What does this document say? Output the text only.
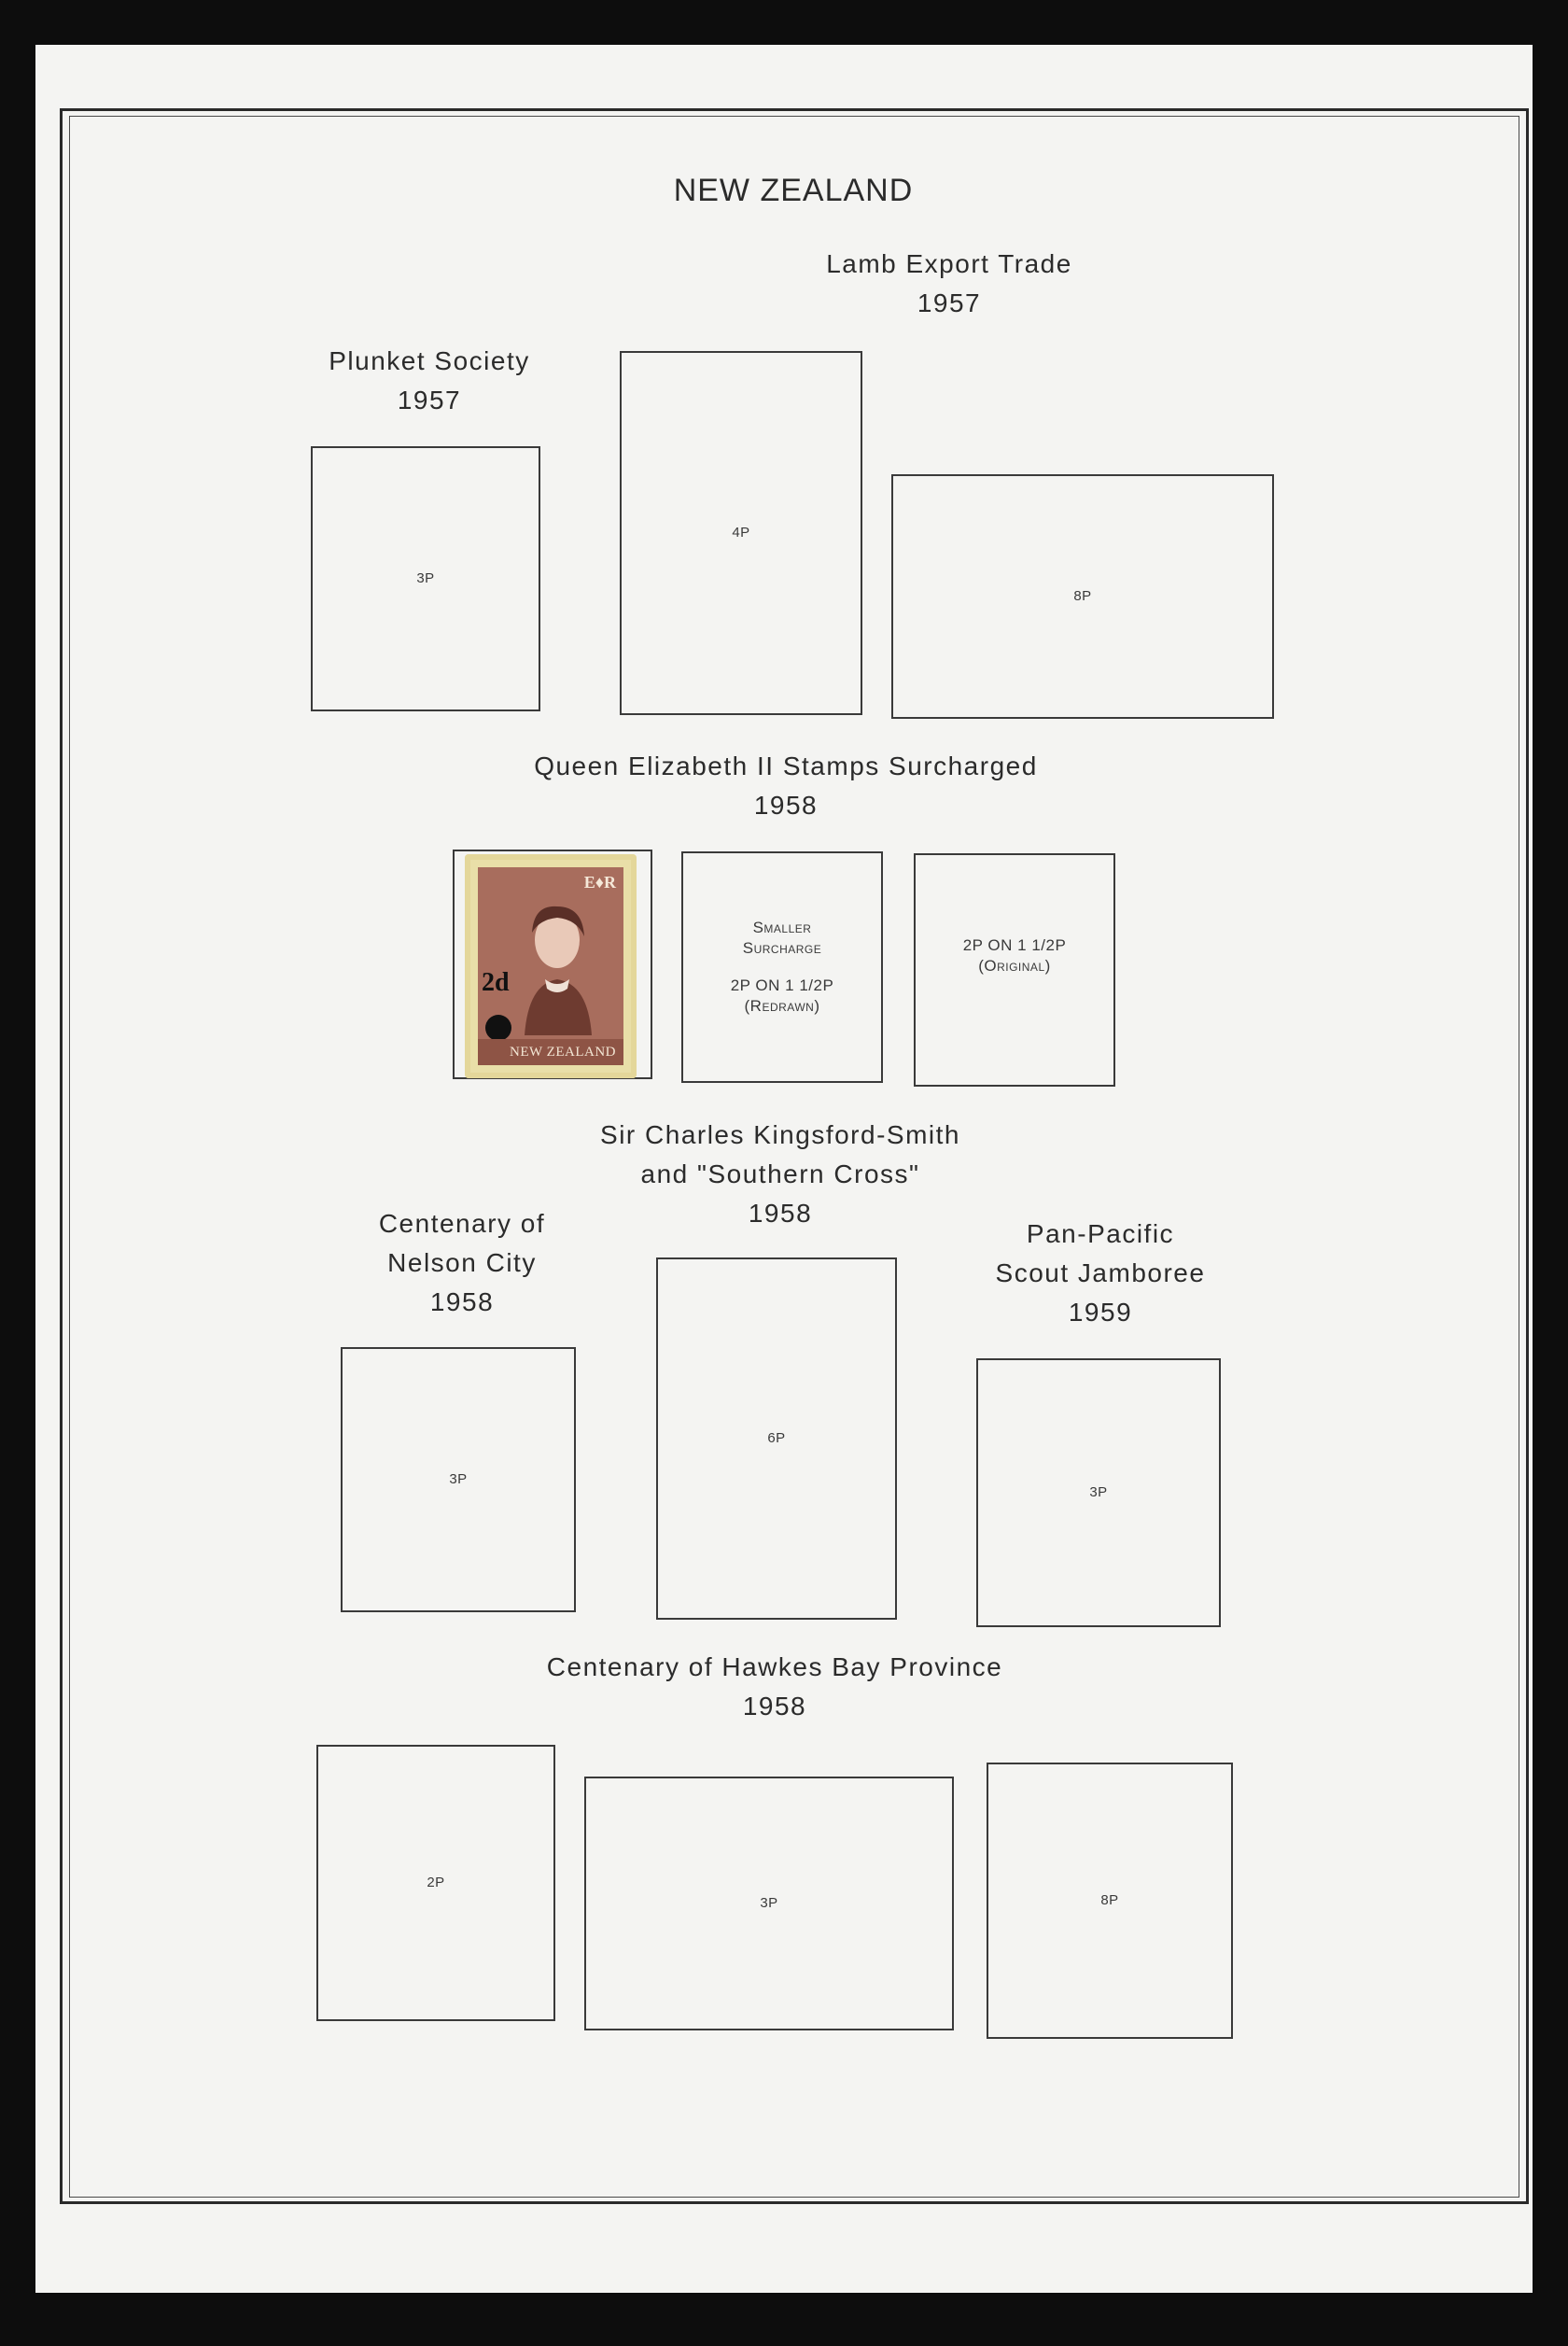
NEW ZEALAND
Lamb Export Trade
1957
Plunket Society
1957
3P
4P
8P
Queen Elizabeth II Stamps Surcharged
1958
E♦R
2d
NEW ZEALAND
Smaller
Surcharge
2P ON 1 1/2P
(Redrawn)
2P ON 1 1/2P
(Original)
Sir Charles Kingsford-Smith
and "Southern Cross"
1958
Centenary of
Nelson City
1958
Pan-Pacific
Scout Jamboree
1959
3P
6P
3P
Centenary of Hawkes Bay Province
1958
2P
3P	8P
